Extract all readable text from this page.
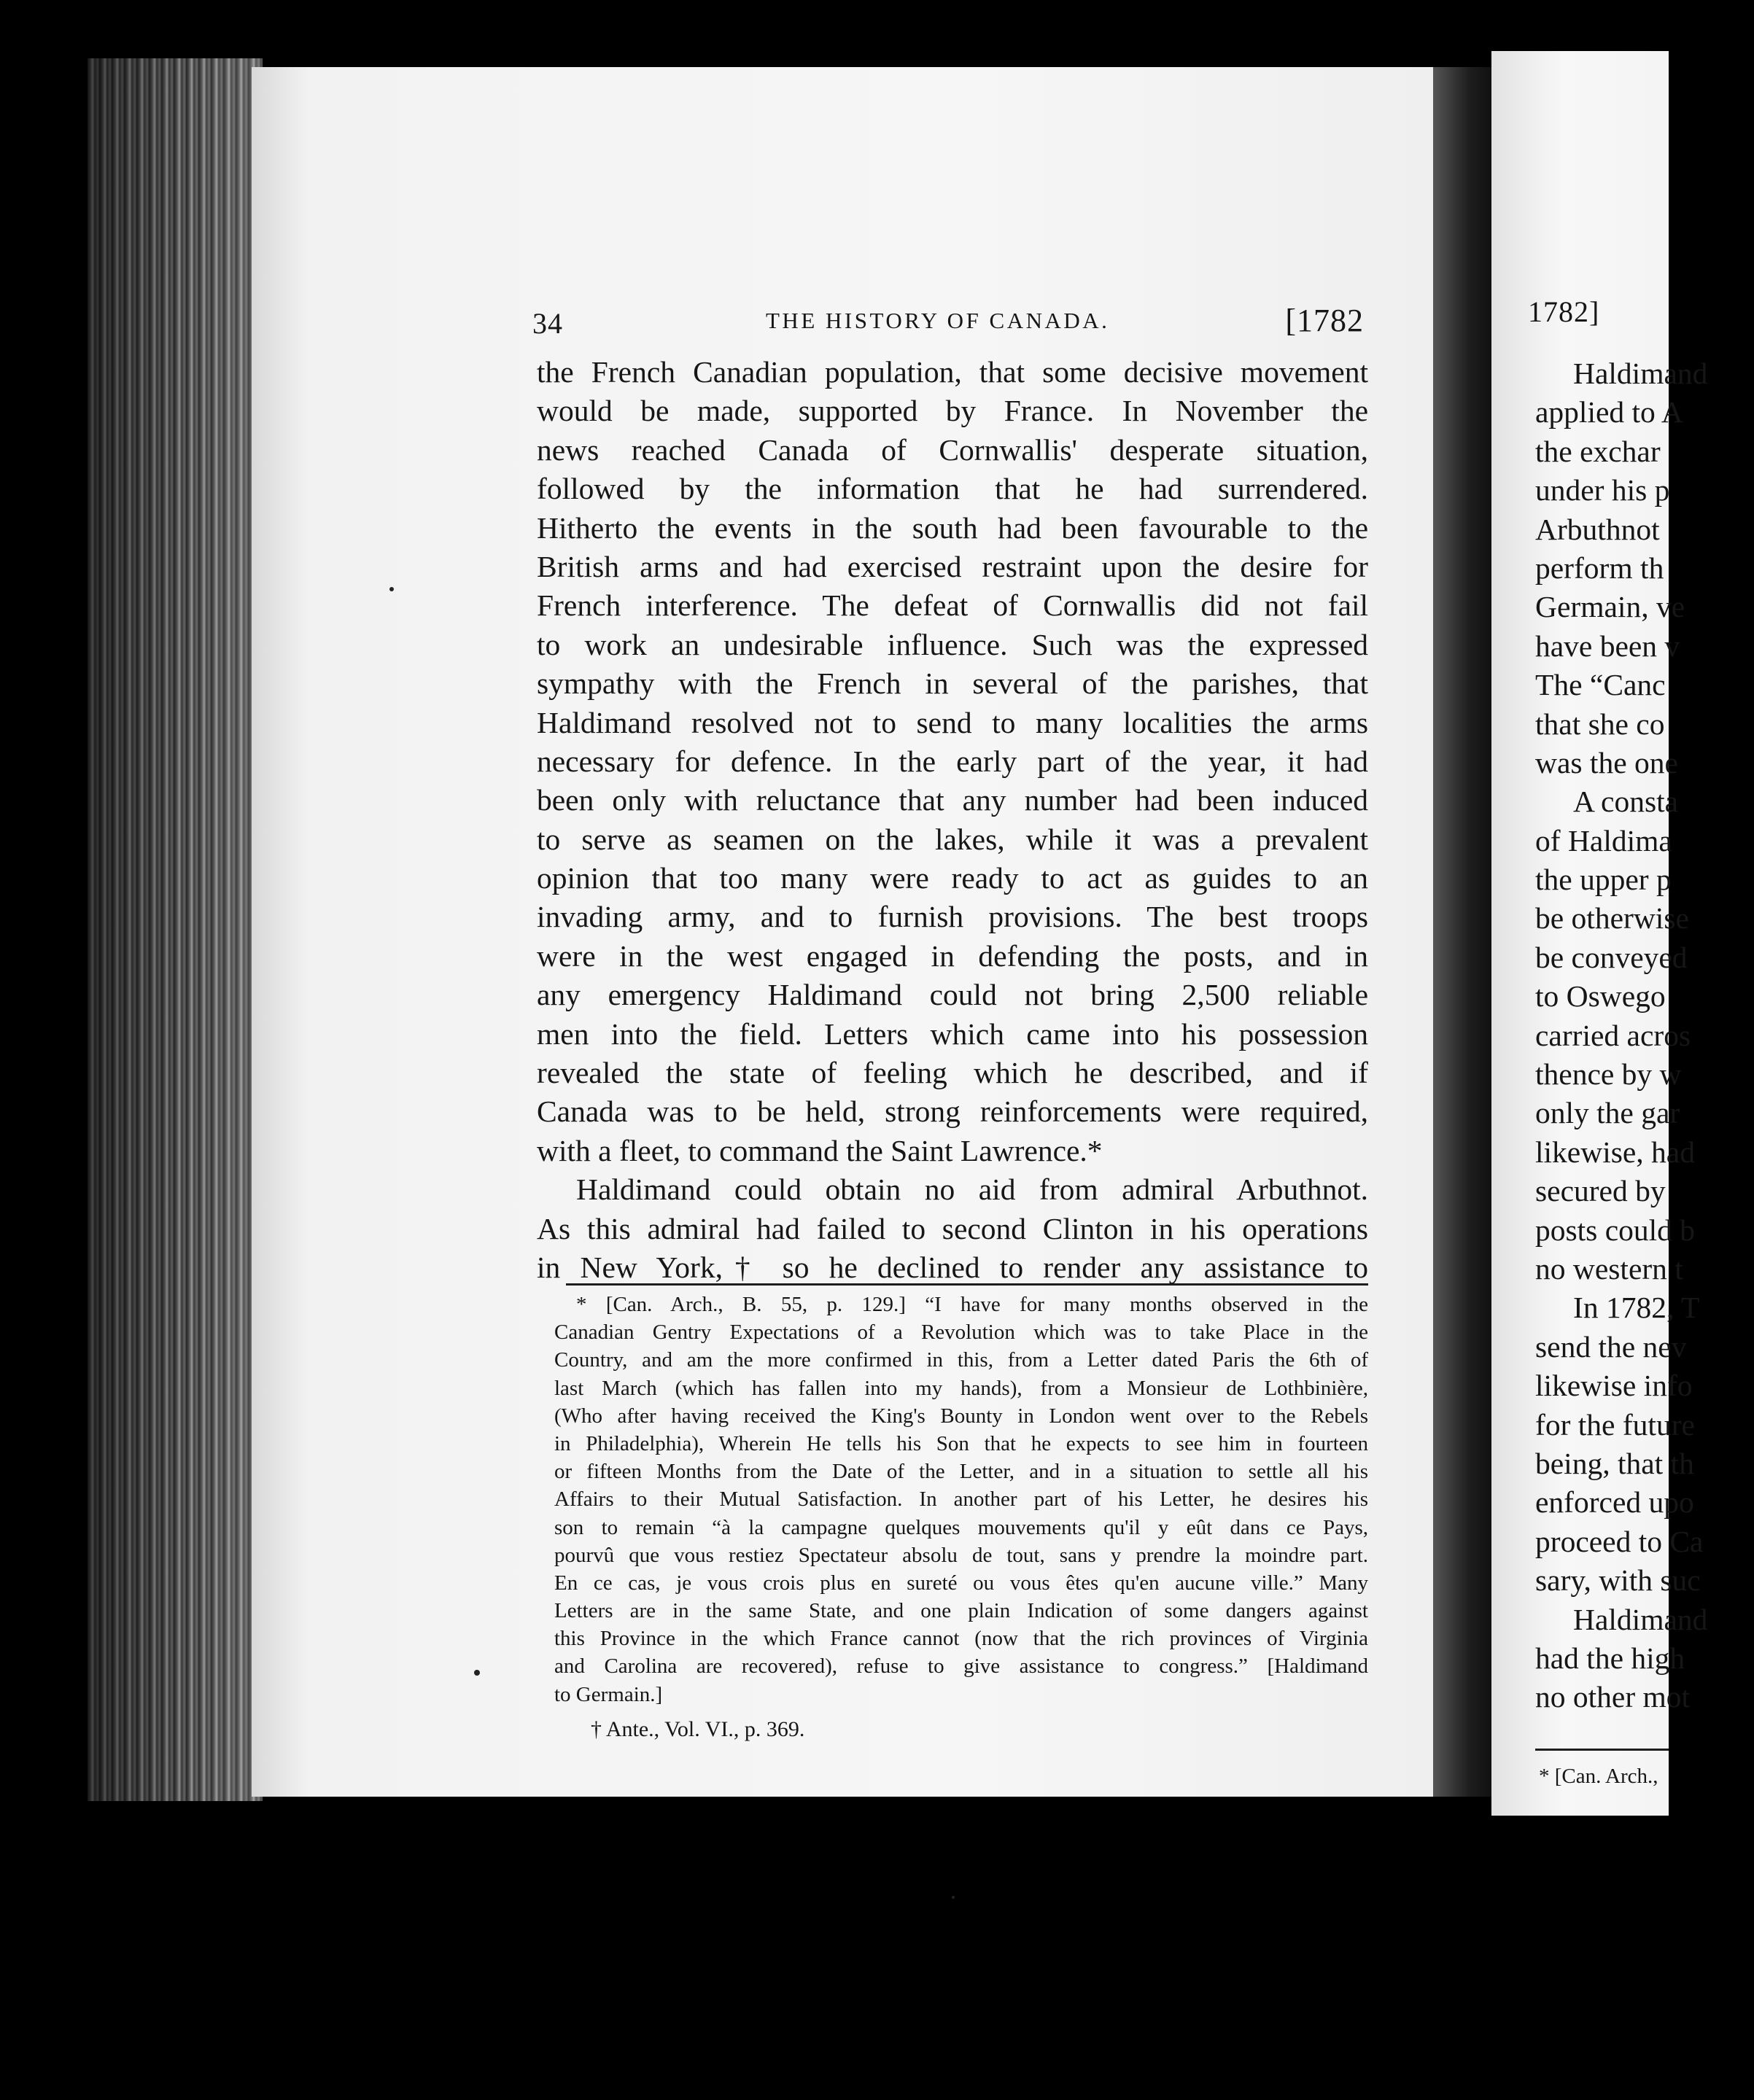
34	THE HISTORY OF CANADA.	[1782
the French Canadian population, that some decisive movement
would be made, supported by France. In November the
news reached Canada of Cornwallis' desperate situation,
followed by the information that he had surrendered.
Hitherto the events in the south had been favourable to the
British arms and had exercised restraint upon the desire for
French interference. The defeat of Cornwallis did not fail
to work an undesirable influence. Such was the expressed
sympathy with the French in several of the parishes, that
Haldimand resolved not to send to many localities the arms
necessary for defence. In the early part of the year, it had
been only with reluctance that any number had been induced
to serve as seamen on the lakes, while it was a prevalent
opinion that too many were ready to act as guides to an
invading army, and to furnish provisions. The best troops
were in the west engaged in defending the posts, and in
any emergency Haldimand could not bring 2,500 reliable
men into the field. Letters which came into his possession
revealed the state of feeling which he described, and if
Canada was to be held, strong reinforcements were required,
with a fleet, to command the Saint Lawrence.*
Haldimand could obtain no aid from admiral Arbuthnot.
As this admiral had failed to second Clinton in his operations
in New York,† so he declined to render any assistance to
* [Can. Arch., B. 55, p. 129.] “I have for many months observed in the
Canadian Gentry Expectations of a Revolution which was to take Place in the
Country, and am the more confirmed in this, from a Letter dated Paris the 6th of
last March (which has fallen into my hands), from a Monsieur de Lothbinière,
(Who after having received the King's Bounty in London went over to the Rebels
in Philadelphia), Wherein He tells his Son that he expects to see him in fourteen
or fifteen Months from the Date of the Letter, and in a situation to settle all his
Affairs to their Mutual Satisfaction. In another part of his Letter, he desires his
son to remain “à la campagne quelques mouvements qu'il y eût dans ce Pays,
pourvû que vous restiez Spectateur absolu de tout, sans y prendre la moindre part.
En ce cas, je vous crois plus en sureté ou vous êtes qu'en aucune ville.” Many
Letters are in the same State, and one plain Indication of some dangers against
this Province in the which France cannot (now that the rich provinces of Virginia
and Carolina are recovered), refuse to give assistance to congress.” [Haldimand
to Germain.]
† Ante., Vol. VI., p. 369.
1782]
Haldimand
applied to A
the exchar
under his p
Arbuthnot
perform th
Germain, ve
have been v
The “Canc
that she co
was the one
A consta
of Haldima
the upper p
be otherwise
be conveyed
to Oswego
carried acros
thence by w
only the gar
likewise, had
secured by
posts could b
no western t
In 1782, T
send the nev
likewise info
for the future
being, that th
enforced upo
proceed to Ca
sary, with suc
Haldimand
had the high
no other mot
* [Can. Arch.,
